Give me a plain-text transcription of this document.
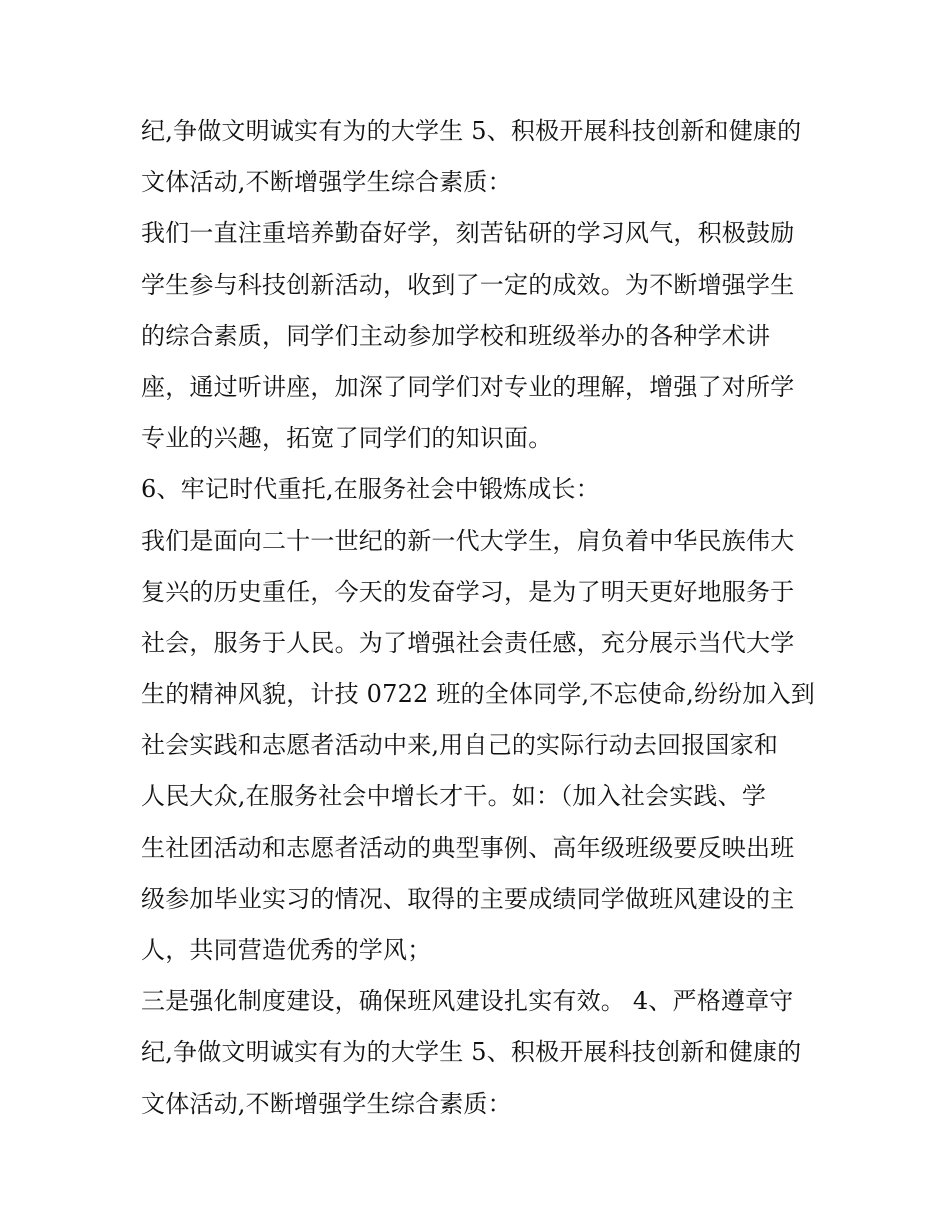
纪,争做文明诚实有为的大学生 5、积极开展科技创新和健康的
文体活动,不断增强学生综合素质：
我们一直注重培养勤奋好学，刻苦钻研的学习风气，积极鼓励
学生参与科技创新活动，收到了一定的成效。为不断增强学生
的综合素质，同学们主动参加学校和班级举办的各种学术讲
座，通过听讲座，加深了同学们对专业的理解，增强了对所学
专业的兴趣，拓宽了同学们的知识面。
6、牢记时代重托,在服务社会中锻炼成长：
我们是面向二十一世纪的新一代大学生，肩负着中华民族伟大
复兴的历史重任，今天的发奋学习，是为了明天更好地服务于
社会，服务于人民。为了增强社会责任感，充分展示当代大学
生的精神风貌，计技 0722 班的全体同学,不忘使命,纷纷加入到
社会实践和志愿者活动中来,用自己的实际行动去回报国家和
人民大众,在服务社会中增长才干。如：（加入社会实践、学
生社团活动和志愿者活动的典型事例、高年级班级要反映出班
级参加毕业实习的情况、取得的主要成绩同学做班风建设的主
人，共同营造优秀的学风；
三是强化制度建设，确保班风建设扎实有效。 4、严格遵章守
纪,争做文明诚实有为的大学生 5、积极开展科技创新和健康的
文体活动,不断增强学生综合素质：
